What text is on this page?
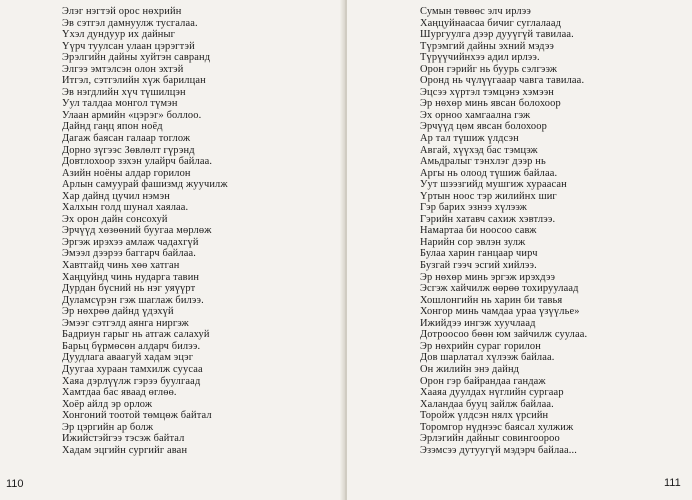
Элэг нэгтэй орос нөхрийн
Эв сэтгэл дамнуулж тусгалаа.
Үхэл дундуур их дайныг
Үүрч туулсан улаан цэрэгтэй
Эрэлгийн дайны хуйтэн савранд
Элгээ эмтэлсэн олон эхтэй
Итгэл, сэтгэлийн хүж барилцан
Эв нэгдлийн хүч түшилцэн
Уул талдаа монгол түмэн
Улаан армийн «цэрэг» боллоо.
Дайнд гаңц япон ноёд
Дагаж баясан галаар тоглож
Дорно зүгээс Зөвлөлт гүрэнд
Довтлохоор зэхэн улайрч байлаа.
Азийн ноёны алдар горилон
Арлын самуурай фашизмд жуучилж
Хар дайнд цучил нэмэн
Халхын голд шунал хаялаа.
Эх орон дайн сонсохуй
Эрчүүд хөзөөний буугаа мөрлөж
Эргэж ирэхээ амлаж чадахгүй
Эмээл дээрээ баггарч байлаа.
Хавтгайд чинь хөө хатган
Хаңцуйнд чинь нударга тавин
Дурдан бүсний нь нэг уяүүрт
Дуламсүрэн гэж шаглаж билээ.
Эр нөхрөө дайнд үдэхүй
Эмээг сэтгэлд аянга ниргэж
Бадриун гарыг нь атгаж салахуй
Барьц бүрмөсөн алдарч билээ.
Дуудлага аваагуй хадам эцэг
Дуугаа хураан тамхилж суусаа
Хаяа дэрлүүлж гэрээ буулгаад
Хамтдаа бас яваад өглөө.
Хоёр айлд эр орлож
Хонгоний тоотой төмцөж байтал
Эр цэргийн ар болж
Ижийстэйгээ тэсэж байтал
Хадам эцгийн сургийг аван
110
Сумын төвөөс элч ирлээ
Хаңцуйнаасаа бичиг суглалаад
Шургуулга дээр дууүгүй тавилаа.
Түрэмгий дайны эхний мэдээ
Түрүүчийнхээ адил ирлээ.
Орон гэрийг нь буурь сэлгээж
Оронд нь чүлүүгааар чавга тавилаа.
Эцсээ хүртэл тэмцэнэ хэмээн
Эр нөхөр минь явсан болохоор
Эх орноо хамгаална гэж
Эрчүүд цөм явсан болохоор
Ар тал түшиж үлдсэн
Авгай, хүүхэд бас тэмцэж
Амьдралыг тэнхлэг дээр нь
Аргы нь олоод түшиж байлаа.
Уут шээзгийд мушгиж хураасан
Үртын ноос тэр жилийнх шиг
Гэр барих эзнээ хүлээж
Гэрийн хатавч сахиж хэвтлээ.
Намартаа би ноосоо савж
Нарийн сор эвлэн зулж
Булаа харин ганцаар чирч
Бузгай гээч эсгий хийлээ.
Эр нөхөр минь эргэж ирэхдээ
Эсгэж хайчилж өөрөө тохируулаад
Хошлонгийн нь харин би тавья
Хонгор минь чамдаа ураа үзүүлье»
Ижийдээ ингэж хуучлаад
Дотроосоо бөөн юм зайчилж суулаа.
Эр нөхрийн сураг горилон
Дов шарлатал хүлээж байлаа.
Он жилийн энэ дайнд
Орон гэр байрандаа гандаж
Хааяа дуулдах нүглийн сургаар
Халандаа бууц зайлж байлаа.
Торойж үлдсэн нялх үрсийн
Торомгор нүднээс баясал хулжиж
Эрлэгийн дайныг совингоороо
Эзэмсээ дутуугүй мэдэрч байлаа...
111
